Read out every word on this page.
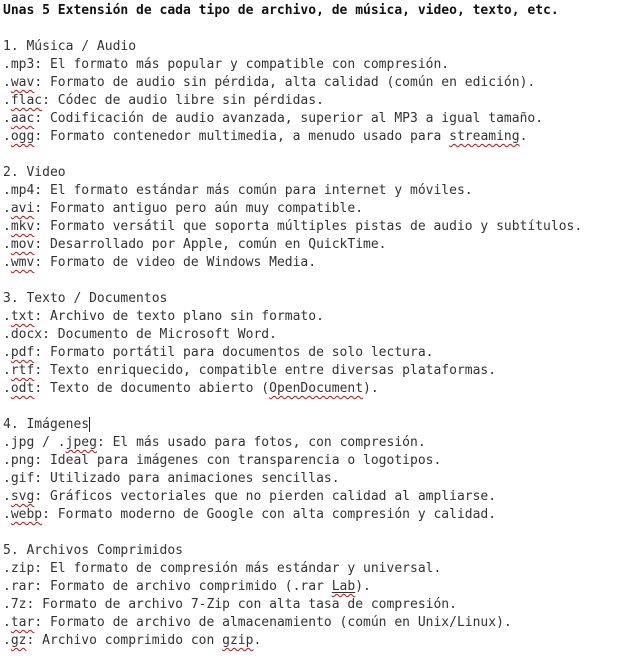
Unas 5 Extensión de cada tipo de archivo, de música, video, texto, etc.

1. Música / Audio
.mp3: El formato más popular y compatible con compresión.
.wav: Formato de audio sin pérdida, alta calidad (común en edición).
.flac: Códec de audio libre sin pérdidas.
.aac: Codificación de audio avanzada, superior al MP3 a igual tamaño.
.ogg: Formato contenedor multimedia, a menudo usado para streaming.

2. Video
.mp4: El formato estándar más común para internet y móviles.
.avi: Formato antiguo pero aún muy compatible.
.mkv: Formato versátil que soporta múltiples pistas de audio y subtítulos.
.mov: Desarrollado por Apple, común en QuickTime.
.wmv: Formato de video de Windows Media.

3. Texto / Documentos
.txt: Archivo de texto plano sin formato.
.docx: Documento de Microsoft Word.
.pdf: Formato portátil para documentos de solo lectura.
.rtf: Texto enriquecido, compatible entre diversas plataformas.
.odt: Texto de documento abierto (OpenDocument).

4. Imágenes
.jpg / .jpeg: El más usado para fotos, con compresión.
.png: Ideal para imágenes con transparencia o logotipos.
.gif: Utilizado para animaciones sencillas.
.svg: Gráficos vectoriales que no pierden calidad al ampliarse.
.webp: Formato moderno de Google con alta compresión y calidad.

5. Archivos Comprimidos
.zip: El formato de compresión más estándar y universal.
.rar: Formato de archivo comprimido (.rar Lab).
.7z: Formato de archivo 7-Zip con alta tasa de compresión.
.tar: Formato de archivo de almacenamiento (común en Unix/Linux).
.gz: Archivo comprimido con gzip.
